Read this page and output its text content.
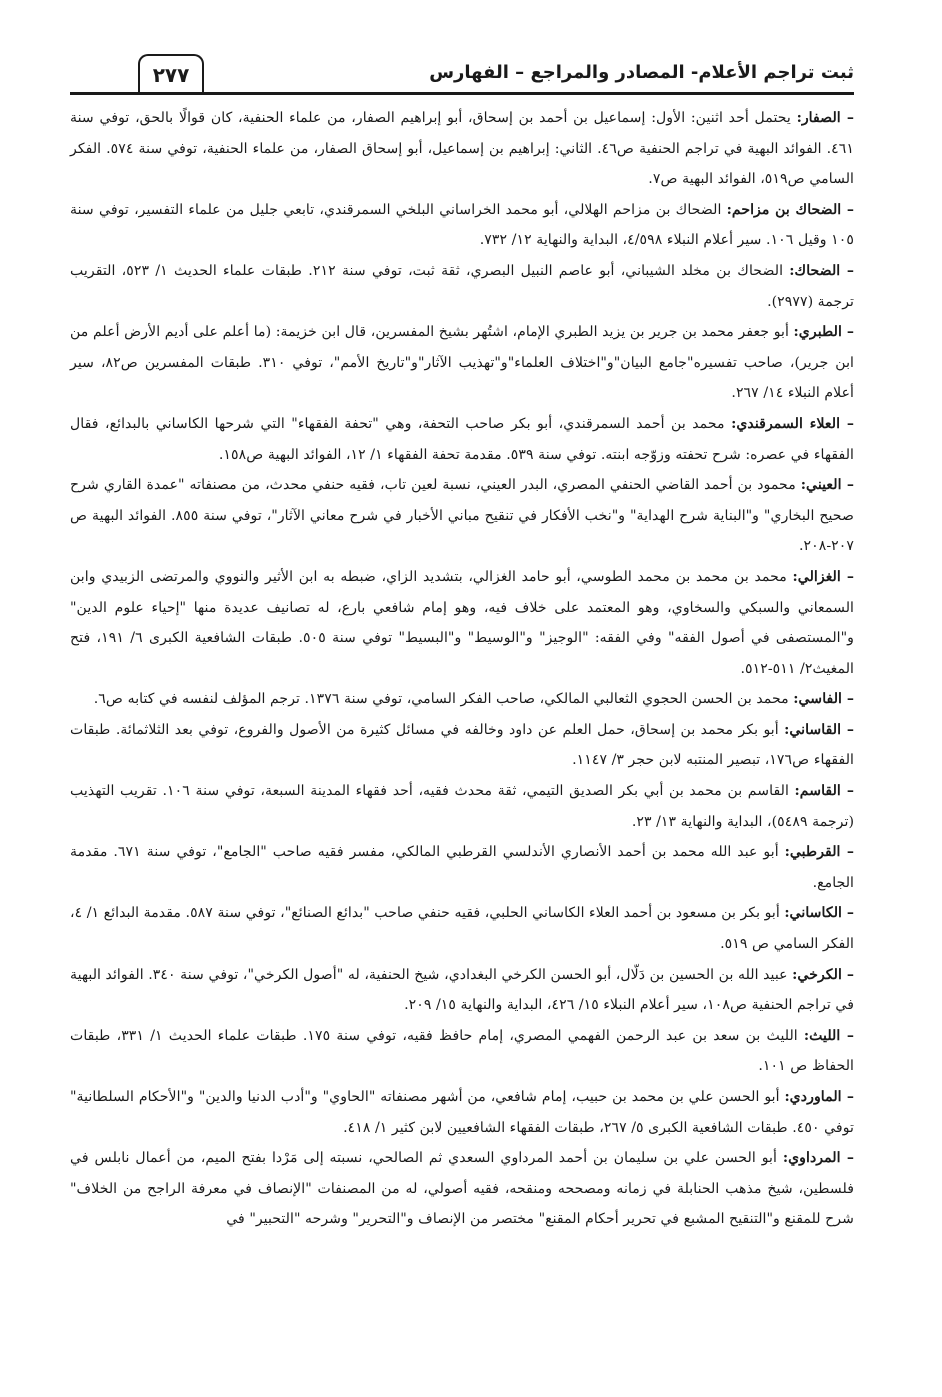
ثبت تراجم الأعلام- المصادر والمراجع – الفهارس
٢٧٧

– الصفار: يحتمل أحد اثنين: الأول: إسماعيل بن أحمد بن إسحاق، أبو إبراهيم الصفار، من علماء الحنفية، كان قوالًا بالحق، توفي سنة ٤٦١. الفوائد البهية في تراجم الحنفية ص٤٦. الثاني: إبراهيم بن إسماعيل، أبو إسحاق الصفار، من علماء الحنفية، توفي سنة ٥٧٤. الفكر السامي ص٥١٩، الفوائد البهية ص٧.

– الضحاك بن مزاحم: الضحاك بن مزاحم الهلالي، أبو محمد الخراساني البلخي السمرقندي، تابعي جليل من علماء التفسير، توفي سنة ١٠٥ وقيل ١٠٦. سير أعلام النبلاء ٤/٥٩٨، البداية والنهاية ١٢/ ٧٣٢.

– الضحاك: الضحاك بن مخلد الشيباني، أبو عاصم النبيل البصري، ثقة ثبت، توفي سنة ٢١٢. طبقات علماء الحديث ١/ ٥٢٣، التقريب ترجمة (٢٩٧٧).

– الطبري: أبو جعفر محمد بن جرير بن يزيد الطبري الإمام، اشتُهر بشيخ المفسرين، قال ابن خزيمة: (ما أعلم على أديم الأرض أعلم من ابن جرير)، صاحب تفسيره"جامع البيان"و"اختلاف العلماء"و"تهذيب الآثار"و"تاريخ الأمم"، توفي ٣١٠. طبقات المفسرين ص٨٢، سير أعلام النبلاء ١٤/ ٢٦٧.

– العلاء السمرقندي: محمد بن أحمد السمرقندي، أبو بكر صاحب التحفة، وهي "تحفة الفقهاء" التي شرحها الكاساني بالبدائع، فقال الفقهاء في عصره: شرح تحفته وزوّجه ابنته. توفي سنة ٥٣٩. مقدمة تحفة الفقهاء ١/ ١٢، الفوائد البهية ص١٥٨.

– العيني: محمود بن أحمد القاضي الحنفي المصري، البدر العيني، نسبة لعين تاب، فقيه حنفي محدث، من مصنفاته "عمدة القاري شرح صحيح البخاري" و"البناية شرح الهداية" و"نخب الأفكار في تنقيح مباني الأخبار في شرح معاني الآثار"، توفي سنة ٨٥٥. الفوائد البهية ص ٢٠٧-٢٠٨.

– الغزالي: محمد بن محمد بن محمد الطوسي، أبو حامد الغزالي، بتشديد الزاي، ضبطه به ابن الأثير والنووي والمرتضى الزبيدي وابن السمعاني والسبكي والسخاوي، وهو المعتمد على خلاف فيه، وهو إمام شافعي بارع، له تصانيف عديدة منها "إحياء علوم الدين" و"المستصفى في أصول الفقه" وفي الفقه: "الوجيز" و"الوسيط" و"البسيط" توفي سنة ٥٠٥. طبقات الشافعية الكبرى ٦/ ١٩١، فتح المغيث٢/ ٥١١-٥١٢.

– الفاسي: محمد بن الحسن الحجوي الثعالبي المالكي، صاحب الفكر السامي، توفي سنة ١٣٧٦. ترجم المؤلف لنفسه في كتابه ص٦.

– القاساني: أبو بكر محمد بن إسحاق، حمل العلم عن داود وخالفه في مسائل كثيرة من الأصول والفروع، توفي بعد الثلاثمائة. طبقات الفقهاء ص١٧٦، تبصير المنتبه لابن حجر ٣/ ١١٤٧.

– القاسم: القاسم بن محمد بن أبي بكر الصديق التيمي، ثقة محدث فقيه، أحد فقهاء المدينة السبعة، توفي سنة ١٠٦. تقريب التهذيب (ترجمة ٥٤٨٩)، البداية والنهاية ١٣/ ٢٣.

– القرطبي: أبو عبد الله محمد بن أحمد الأنصاري الأندلسي القرطبي المالكي، مفسر فقيه صاحب "الجامع"، توفي سنة ٦٧١. مقدمة الجامع.

– الكاساني: أبو بكر بن مسعود بن أحمد العلاء الكاساني الحلبي، فقيه حنفي صاحب "بدائع الصنائع"، توفي سنة ٥٨٧. مقدمة البدائع ١/ ٤، الفكر السامي ص ٥١٩.

– الكرخي: عبيد الله بن الحسين بن دَلّال، أبو الحسن الكرخي البغدادي، شيخ الحنفية، له "أصول الكرخي"، توفي سنة ٣٤٠. الفوائد البهية في تراجم الحنفية ص١٠٨، سير أعلام النبلاء ١٥/ ٤٢٦، البداية والنهاية ١٥/ ٢٠٩.

– الليث: الليث بن سعد بن عبد الرحمن الفهمي المصري، إمام حافظ فقيه، توفي سنة ١٧٥. طبقات علماء الحديث ١/ ٣٣١، طبقات الحفاظ ص ١٠١.

– الماوردي: أبو الحسن علي بن محمد بن حبيب، إمام شافعي، من أشهر مصنفاته "الحاوي" و"أدب الدنيا والدين" و"الأحكام السلطانية" توفي ٤٥٠. طبقات الشافعية الكبرى ٥/ ٢٦٧، طبقات الفقهاء الشافعيين لابن كثير ١/ ٤١٨.

– المرداوي: أبو الحسن علي بن سليمان بن أحمد المرداوي السعدي ثم الصالحي، نسبته إلى مَرْدا بفتح الميم، من أعمال نابلس في فلسطين، شيخ مذهب الحنابلة في زمانه ومصححه ومنقحه، فقيه أصولي، له من المصنفات "الإنصاف في معرفة الراجح من الخلاف" شرح للمقنع و"التنقيح المشبع في تحرير أحكام المقنع" مختصر من الإنصاف و"التحرير" وشرحه "التحبير" في
